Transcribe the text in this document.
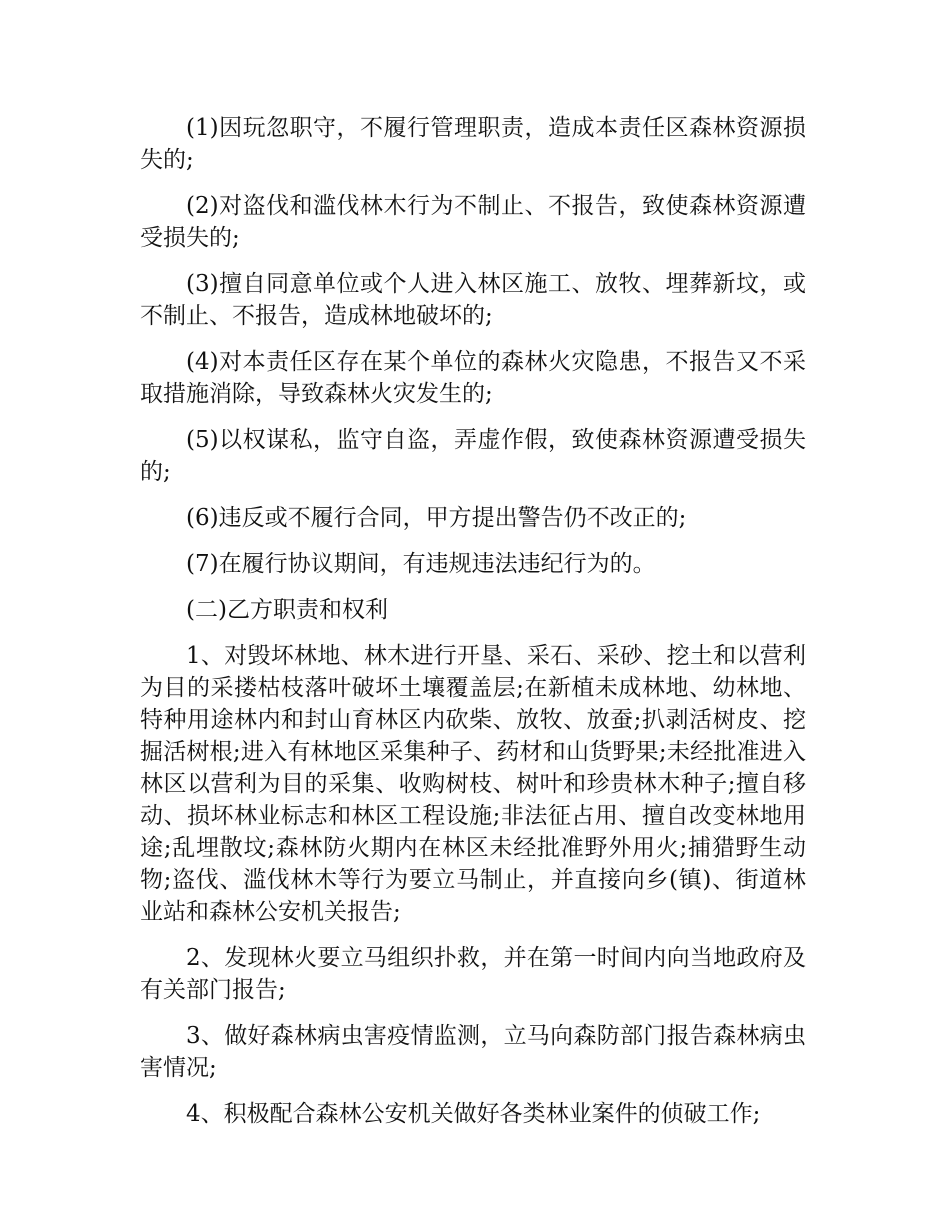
(1)因玩忽职守，不履行管理职责，造成本责任区森林资源损失的;

(2)对盗伐和滥伐林木行为不制止、不报告，致使森林资源遭受损失的;

(3)擅自同意单位或个人进入林区施工、放牧、埋葬新坟，或不制止、不报告，造成林地破坏的;

(4)对本责任区存在某个单位的森林火灾隐患，不报告又不采取措施消除，导致森林火灾发生的;

(5)以权谋私，监守自盗，弄虚作假，致使森林资源遭受损失的;

(6)违反或不履行合同，甲方提出警告仍不改正的;

(7)在履行协议期间，有违规违法违纪行为的。

(二)乙方职责和权利

1、对毁坏林地、林木进行开垦、采石、采砂、挖土和以营利为目的采搂枯枝落叶破坏土壤覆盖层;在新植未成林地、幼林地、特种用途林内和封山育林区内砍柴、放牧、放蚕;扒剥活树皮、挖掘活树根;进入有林地区采集种子、药材和山货野果;未经批准进入林区以营利为目的采集、收购树枝、树叶和珍贵林木种子;擅自移动、损坏林业标志和林区工程设施;非法征占用、擅自改变林地用途;乱埋散坟;森林防火期内在林区未经批准野外用火;捕猎野生动物;盗伐、滥伐林木等行为要立马制止，并直接向乡(镇)、街道林业站和森林公安机关报告;

2、发现林火要立马组织扑救，并在第一时间内向当地政府及有关部门报告;

3、做好森林病虫害疫情监测，立马向森防部门报告森林病虫害情况;

4、积极配合森林公安机关做好各类林业案件的侦破工作;
